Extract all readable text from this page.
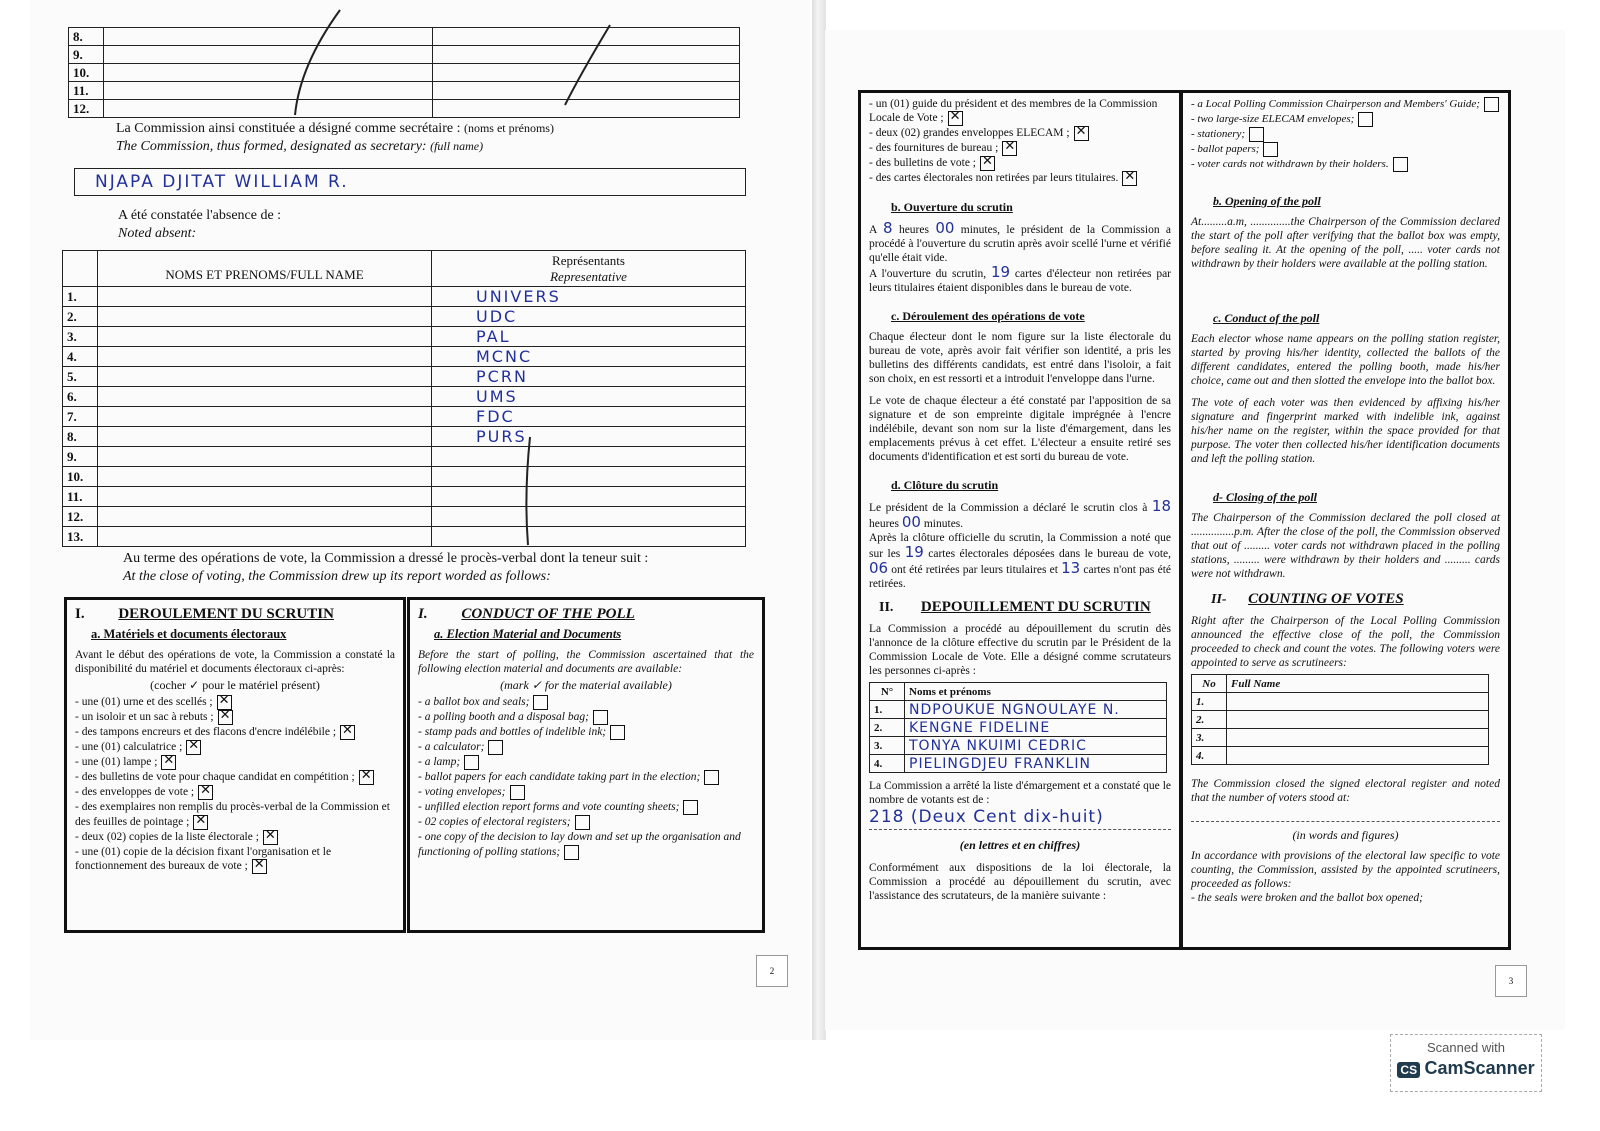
8.		
9.		
10.		
11.		
12.		
La Commission ainsi constituée a désigné comme secrétaire : (noms et prénoms)
The Commission, thus formed, designated as secretary: (full name)
NJAPA DJITAT WILLIAM R.
A été constatée l'absence de :
Noted absent:
	NOMS ET PRENOMS/FULL NAME	Représentants
Representative

1.		UNIVERS
2.		UDC
3.		PAL
4.		MCNC
5.		PCRN
6.		UMS
7.		FDC
8.		PURS
9.		
10.		
11.		
12.		
13.		
Au terme des opérations de vote, la Commission a dressé le procès-verbal dont la teneur suit :
At the close of voting, the Commission drew up its report worded as follows:
I. DEROULEMENT DU SCRUTIN
a. Matériels et documents électoraux
Avant le début des opérations de vote, la Commission a constaté la disponibilité du matériel et documents électoraux ci-après:
(cocher ✓ pour le matériel présent)
- une (01) urne et des scellés ;✕
- un isoloir et un sac à rebuts ;✕
- des tampons encreurs et des flacons d'encre indélébile ;✕
- une (01) calculatrice ;✕
- une (01) lampe ;✕
- des bulletins de vote pour chaque candidat en compétition ;✕
- des enveloppes de vote ;✕
- des exemplaires non remplis du procès-verbal de la Commission et des feuilles de pointage ;✕
- deux (02) copies de la liste électorale ;✕
- une (01) copie de la décision fixant l'organisation et le fonctionnement des bureaux de vote ;✕
I. CONDUCT OF THE POLL
a. Election Material and Documents
Before the start of polling, the Commission ascertained that the following election material and documents are available:
(mark ✓ for the material available)
- a ballot box and seals;
- a polling booth and a disposal bag;
- stamp pads and bottles of indelible ink;
- a calculator;
- a lamp;
- ballot papers for each candidate taking part in the election;
- voting envelopes;
- unfilled election report forms and vote counting sheets;
- 02 copies of electoral registers;
- one copy of the decision to lay down and set up the organisation and functioning of polling stations;
2
- un (01) guide du président et des membres de la Commission Locale de Vote ;✕
- deux (02) grandes enveloppes ELECAM ;✕
- des fournitures de bureau ;✕
- des bulletins de vote ;✕
- des cartes électorales non retirées par leurs titulaires.✕
b. Ouverture du scrutin
A 8 heures 00 minutes, le président de la Commission a procédé à l'ouverture du scrutin après avoir scellé l'urne et vérifié qu'elle était vide.
A l'ouverture du scrutin, 19 cartes d'électeur non retirées par leurs titulaires étaient disponibles dans le bureau de vote.
c. Déroulement des opérations de vote
Chaque électeur dont le nom figure sur la liste électorale du bureau de vote, après avoir fait vérifier son identité, a pris les bulletins des différents candidats, est entré dans l'isoloir, a fait son choix, en est ressorti et a introduit l'enveloppe dans l'urne.
Le vote de chaque électeur a été constaté par l'apposition de sa signature et de son empreinte digitale imprégnée à l'encre indélébile, devant son nom sur la liste d'émargement, dans les emplacements prévus à cet effet. L'électeur a ensuite retiré ses documents d'identification et est sorti du bureau de vote.
d. Clôture du scrutin
Le président de la Commission a déclaré le scrutin clos à 18 heures 00 minutes.
Après la clôture officielle du scrutin, la Commission a noté que sur les 19 cartes électorales déposées dans le bureau de vote, 06 ont été retirées par leurs titulaires et 13 cartes n'ont pas été retirées.
II. DEPOUILLEMENT DU SCRUTIN
La Commission a procédé au dépouillement du scrutin dès l'annonce de la clôture effective du scrutin par le Président de la Commission Locale de Vote. Elle a désigné comme scrutateurs les personnes ci-après :
N°	Noms et prénoms
1.	NDPOUKUE NGNOULAYE N.
2.	KENGNE FIDELINE
3.	TONYA NKUIMI CEDRIC
4.	PIELINGDJEU FRANKLIN
La Commission a arrêté la liste d'émargement et a constaté que le nombre de votants est de :
218 (Deux Cent dix-huit)
(en lettres et en chiffres)
Conformément aux dispositions de la loi électorale, la Commission a procédé au dépouillement du scrutin, avec l'assistance des scrutateurs, de la manière suivante :
- a Local Polling Commission Chairperson and Members' Guide;
- two large-size ELECAM envelopes;
- stationery;
- ballot papers;
- voter cards not withdrawn by their holders.
b. Opening of the poll
At.........a.m, ..............the Chairperson of the Commission declared the start of the poll after verifying that the ballot box was empty, before sealing it. At the opening of the poll, ..... voter cards not withdrawn by their holders were available at the polling station.
c. Conduct of the poll
Each elector whose name appears on the polling station register, started by proving his/her identity, collected the ballots of the different candidates, entered the polling booth, made his/her choice, came out and then slotted the envelope into the ballot box.
The vote of each voter was then evidenced by affixing his/her signature and fingerprint marked with indelible ink, against his/her name on the register, within the space provided for that purpose. The voter then collected his/her identification documents and left the polling station.
d- Closing of the poll
The Chairperson of the Commission declared the poll closed at ...............p.m. After the close of the poll, the Commission observed that out of ......... voter cards not withdrawn placed in the polling stations, ......... were withdrawn by their holders and ......... cards were not withdrawn.
II- COUNTING OF VOTES
Right after the Chairperson of the Local Polling Commission announced the effective close of the poll, the Commission proceeded to check and count the votes. The following voters were appointed to serve as scrutineers:
No	Full Name
1.	
2.	
3.	
4.	
The Commission closed the signed electoral register and noted that the number of voters stood at:
(in words and figures)
In accordance with provisions of the electoral law specific to vote counting, the Commission, assisted by the appointed scrutineers, proceeded as follows:
- the seals were broken and the ballot box opened;
3
Scanned with
CS CamScanner
